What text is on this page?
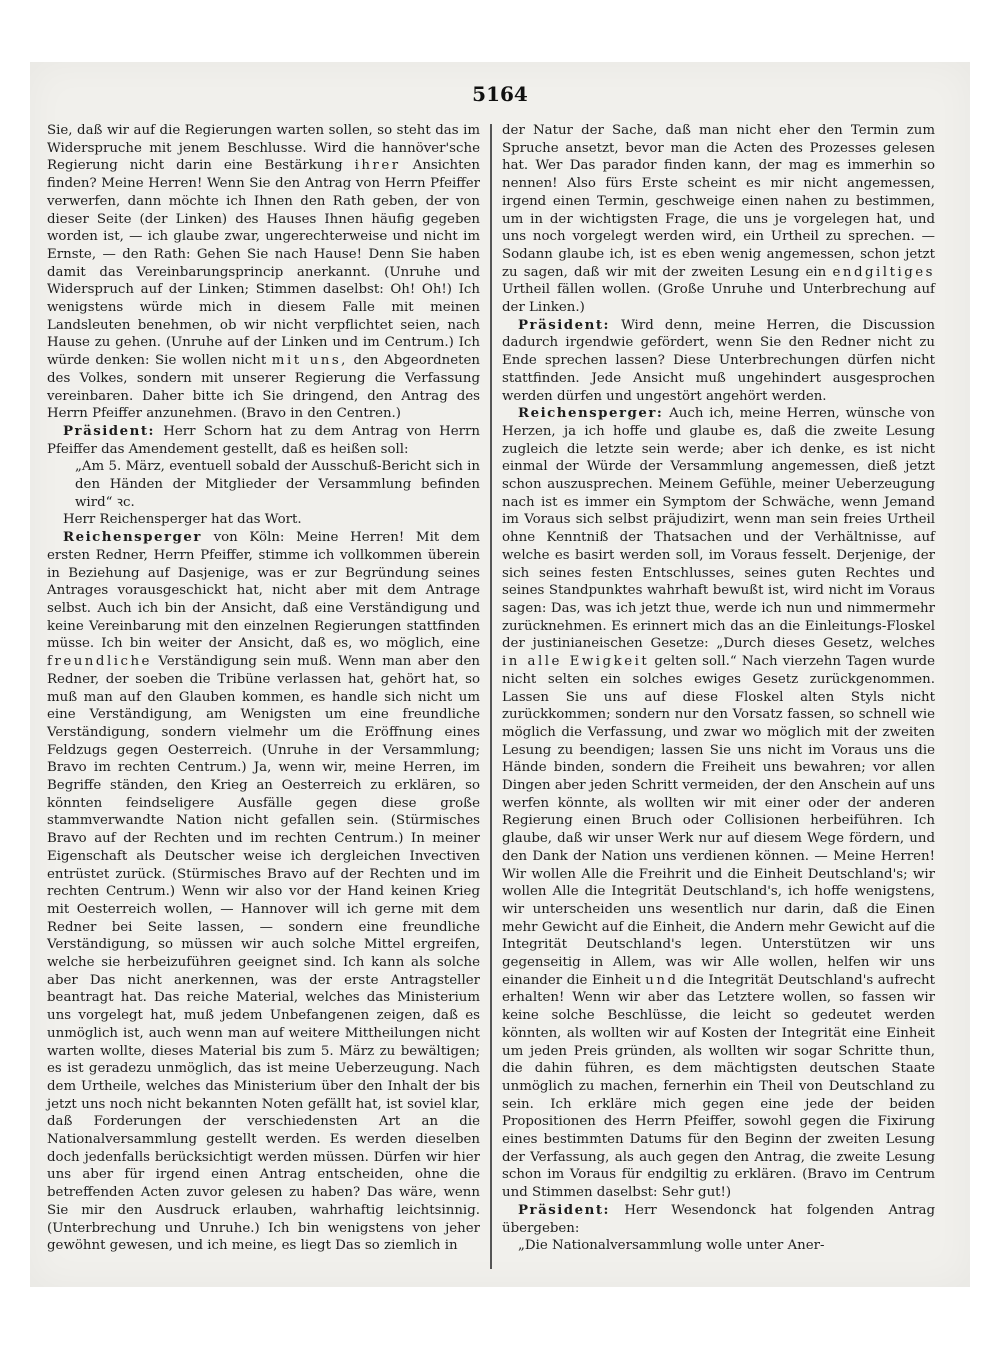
5164

Sie, daß wir auf die Regierungen warten sollen, so steht das im Widerspruche mit jenem Beschlusse. Wird die hannöver'sche Regierung nicht darin eine Bestärkung ihrer Ansichten finden? Meine Herren! Wenn Sie den Antrag von Herrn Pfeiffer verwerfen, dann möchte ich Ihnen den Rath geben, der von dieser Seite (der Linken) des Hauses Ihnen häufig gegeben worden ist, — ich glaube zwar, ungerechterweise und nicht im Ernste, — den Rath: Gehen Sie nach Hause! Denn Sie haben damit das Vereinbarungsprincip anerkannt. (Unruhe und Widerspruch auf der Linken; Stimmen daselbst: Oh! Oh!) Ich wenigstens würde mich in diesem Falle mit meinen Landsleuten benehmen, ob wir nicht verpflichtet seien, nach Hause zu gehen. (Unruhe auf der Linken und im Centrum.) Ich würde denken: Sie wollen nicht mit uns, den Abgeordneten des Volkes, sondern mit unserer Regierung die Verfassung vereinbaren. Daher bitte ich Sie dringend, den Antrag des Herrn Pfeiffer anzunehmen. (Bravo in den Centren.)

Präsident: Herr Schorn hat zu dem Antrag von Herrn Pfeiffer das Amendement gestellt, daß es heißen soll:

„Am 5. März, eventuell sobald der Ausschuß-Bericht sich in den Händen der Mitglieder der Versammlung befinden wird“ ꝛc.

Herr Reichensperger hat das Wort.

Reichensperger von Köln: Meine Herren! Mit dem ersten Redner, Herrn Pfeiffer, stimme ich vollkommen überein in Beziehung auf Dasjenige, was er zur Begründung seines Antrages vorausgeschickt hat, nicht aber mit dem Antrage selbst. Auch ich bin der Ansicht, daß eine Verständigung und keine Vereinbarung mit den einzelnen Regierungen stattfinden müsse. Ich bin weiter der Ansicht, daß es, wo möglich, eine freundliche Verständigung sein muß. Wenn man aber den Redner, der soeben die Tribüne verlassen hat, gehört hat, so muß man auf den Glauben kommen, es handle sich nicht um eine Verständigung, am Wenigsten um eine freundliche Verständigung, sondern vielmehr um die Eröffnung eines Feldzugs gegen Oesterreich. (Unruhe in der Versammlung; Bravo im rechten Centrum.) Ja, wenn wir, meine Herren, im Begriffe ständen, den Krieg an Oesterreich zu erklären, so könnten feindseligere Ausfälle gegen diese große stammverwandte Nation nicht gefallen sein. (Stürmisches Bravo auf der Rechten und im rechten Centrum.) In meiner Eigenschaft als Deutscher weise ich dergleichen Invectiven entrüstet zurück. (Stürmisches Bravo auf der Rechten und im rechten Centrum.) Wenn wir also vor der Hand keinen Krieg mit Oesterreich wollen, — Hannover will ich gerne mit dem Redner bei Seite lassen, — sondern eine freundliche Verständigung, so müssen wir auch solche Mittel ergreifen, welche sie herbeizuführen geeignet sind. Ich kann als solche aber Das nicht anerkennen, was der erste Antragsteller beantragt hat. Das reiche Material, welches das Ministerium uns vorgelegt hat, muß jedem Unbefangenen zeigen, daß es unmöglich ist, auch wenn man auf weitere Mittheilungen nicht warten wollte, dieses Material bis zum 5. März zu bewältigen; es ist geradezu unmöglich, das ist meine Ueberzeugung. Nach dem Urtheile, welches das Ministerium über den Inhalt der bis jetzt uns noch nicht bekannten Noten gefällt hat, ist soviel klar, daß Forderungen der verschiedensten Art an die Nationalversammlung gestellt werden. Es werden dieselben doch jedenfalls berücksichtigt werden müssen. Dürfen wir hier uns aber für irgend einen Antrag entscheiden, ohne die betreffenden Acten zuvor gelesen zu haben? Das wäre, wenn Sie mir den Ausdruck erlauben, wahrhaftig leichtsinnig. (Unterbrechung und Unruhe.) Ich bin wenigstens von jeher gewöhnt gewesen, und ich meine, es liegt Das so ziemlich in

der Natur der Sache, daß man nicht eher den Termin zum Spruche ansetzt, bevor man die Acten des Prozesses gelesen hat. Wer Das parador finden kann, der mag es immerhin so nennen! Also fürs Erste scheint es mir nicht angemessen, irgend einen Termin, geschweige einen nahen zu bestimmen, um in der wichtigsten Frage, die uns je vorgelegen hat, und uns noch vorgelegt werden wird, ein Urtheil zu sprechen. — Sodann glaube ich, ist es eben wenig angemessen, schon jetzt zu sagen, daß wir mit der zweiten Lesung ein endgiltiges Urtheil fällen wollen. (Große Unruhe und Unterbrechung auf der Linken.)

Präsident: Wird denn, meine Herren, die Discussion dadurch irgendwie gefördert, wenn Sie den Redner nicht zu Ende sprechen lassen? Diese Unterbrechungen dürfen nicht stattfinden. Jede Ansicht muß ungehindert ausgesprochen werden dürfen und ungestört angehört werden.

Reichensperger: Auch ich, meine Herren, wünsche von Herzen, ja ich hoffe und glaube es, daß die zweite Lesung zugleich die letzte sein werde; aber ich denke, es ist nicht einmal der Würde der Versammlung angemessen, dieß jetzt schon auszusprechen. Meinem Gefühle, meiner Ueberzeugung nach ist es immer ein Symptom der Schwäche, wenn Jemand im Voraus sich selbst präjudizirt, wenn man sein freies Urtheil ohne Kenntniß der Thatsachen und der Verhältnisse, auf welche es basirt werden soll, im Voraus fesselt. Derjenige, der sich seines festen Entschlusses, seines guten Rechtes und seines Standpunktes wahrhaft bewußt ist, wird nicht im Voraus sagen: Das, was ich jetzt thue, werde ich nun und nimmermehr zurücknehmen. Es erinnert mich das an die Einleitungs-Floskel der justinianeischen Gesetze: „Durch dieses Gesetz, welches in alle Ewigkeit gelten soll.“ Nach vierzehn Tagen wurde nicht selten ein solches ewiges Gesetz zurückgenommen. Lassen Sie uns auf diese Floskel alten Styls nicht zurückkommen; sondern nur den Vorsatz fassen, so schnell wie möglich die Verfassung, und zwar wo möglich mit der zweiten Lesung zu beendigen; lassen Sie uns nicht im Voraus uns die Hände binden, sondern die Freiheit uns bewahren; vor allen Dingen aber jeden Schritt vermeiden, der den Anschein auf uns werfen könnte, als wollten wir mit einer oder der anderen Regierung einen Bruch oder Collisionen herbeiführen. Ich glaube, daß wir unser Werk nur auf diesem Wege fördern, und den Dank der Nation uns verdienen können. — Meine Herren! Wir wollen Alle die Freihrit und die Einheit Deutschland's; wir wollen Alle die Integrität Deutschland's, ich hoffe wenigstens, wir unterscheiden uns wesentlich nur darin, daß die Einen mehr Gewicht auf die Einheit, die Andern mehr Gewicht auf die Integrität Deutschland's legen. Unterstützen wir uns gegenseitig in Allem, was wir Alle wollen, helfen wir uns einander die Einheit und die Integrität Deutschland's aufrecht erhalten! Wenn wir aber das Letztere wollen, so fassen wir keine solche Beschlüsse, die leicht so gedeutet werden könnten, als wollten wir auf Kosten der Integrität eine Einheit um jeden Preis gründen, als wollten wir sogar Schritte thun, die dahin führen, es dem mächtigsten deutschen Staate unmöglich zu machen, fernerhin ein Theil von Deutschland zu sein. Ich erkläre mich gegen eine jede der beiden Propositionen des Herrn Pfeiffer, sowohl gegen die Fixirung eines bestimmten Datums für den Beginn der zweiten Lesung der Verfassung, als auch gegen den Antrag, die zweite Lesung schon im Voraus für endgiltig zu erklären. (Bravo im Centrum und Stimmen daselbst: Sehr gut!)

Präsident: Herr Wesendonck hat folgenden Antrag übergeben:

„Die Nationalversammlung wolle unter Aner-
